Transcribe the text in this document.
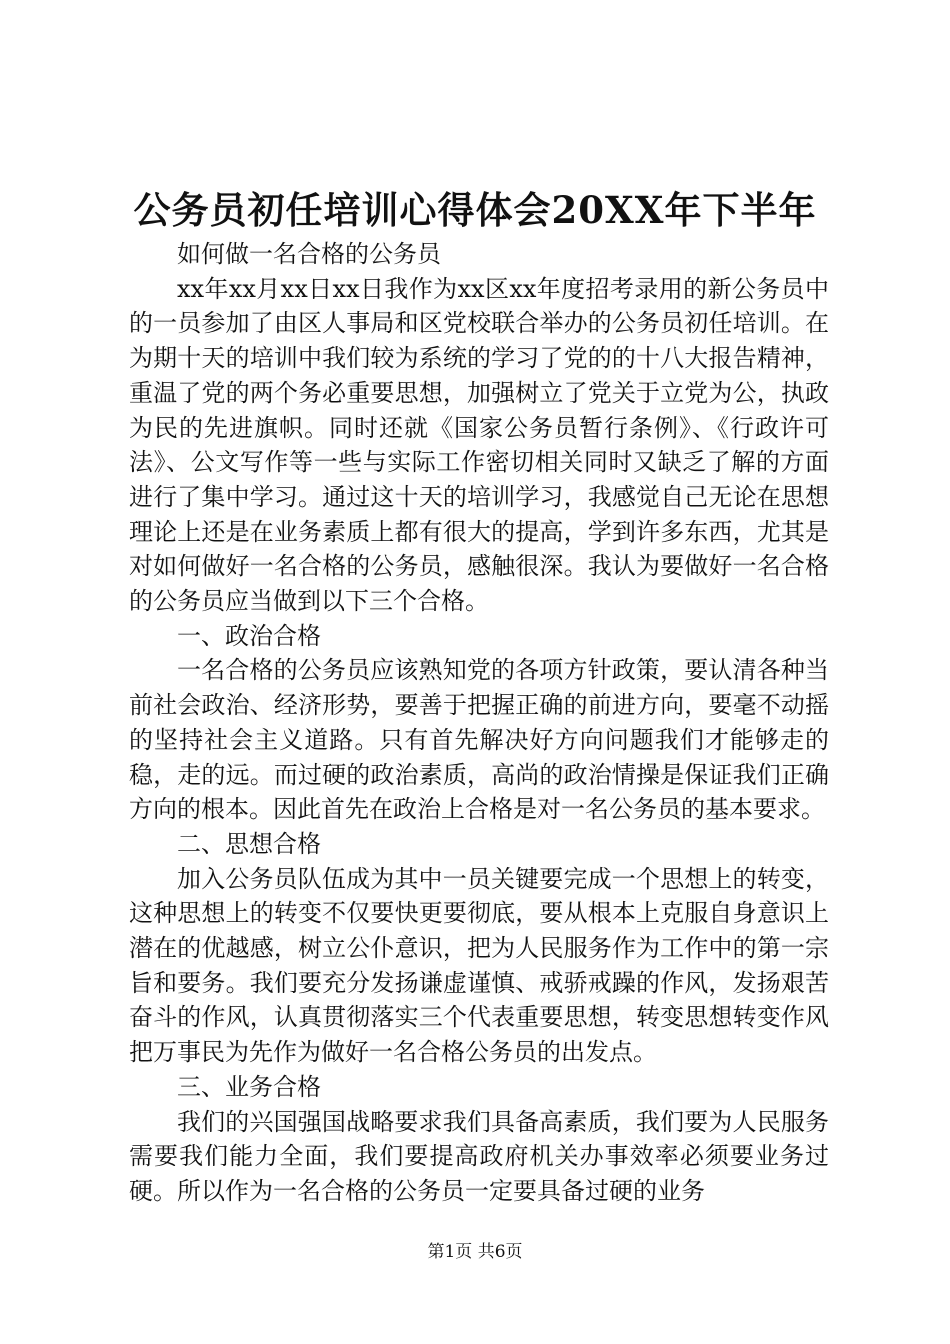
公务员初任培训心得体会20XX年下半年

如何做一名合格的公务员

xx年xx月xx日xx日我作为xx区xx年度招考录用的新公务员中的一员参加了由区人事局和区党校联合举办的公务员初任培训。在为期十天的培训中我们较为系统的学习了党的的十八大报告精神，重温了党的两个务必重要思想，加强树立了党关于立党为公，执政为民的先进旗帜。同时还就《国家公务员暂行条例》、《行政许可法》、公文写作等一些与实际工作密切相关同时又缺乏了解的方面进行了集中学习。通过这十天的培训学习，我感觉自己无论在思想理论上还是在业务素质上都有很大的提高，学到许多东西，尤其是对如何做好一名合格的公务员，感触很深。我认为要做好一名合格的公务员应当做到以下三个合格。

一、政治合格

一名合格的公务员应该熟知党的各项方针政策，要认清各种当前社会政治、经济形势，要善于把握正确的前进方向，要毫不动摇的坚持社会主义道路。只有首先解决好方向问题我们才能够走的稳，走的远。而过硬的政治素质，高尚的政治情操是保证我们正确方向的根本。因此首先在政治上合格是对一名公务员的基本要求。

二、思想合格

加入公务员队伍成为其中一员关键要完成一个思想上的转变，这种思想上的转变不仅要快更要彻底，要从根本上克服自身意识上潜在的优越感，树立公仆意识，把为人民服务作为工作中的第一宗旨和要务。我们要充分发扬谦虚谨慎、戒骄戒躁的作风，发扬艰苦奋斗的作风，认真贯彻落实三个代表重要思想，转变思想转变作风把万事民为先作为做好一名合格公务员的出发点。

三、业务合格

我们的兴国强国战略要求我们具备高素质，我们要为人民服务需要我们能力全面，我们要提高政府机关办事效率必须要业务过硬。所以作为一名合格的公务员一定要具备过硬的业务

第1页 共6页
